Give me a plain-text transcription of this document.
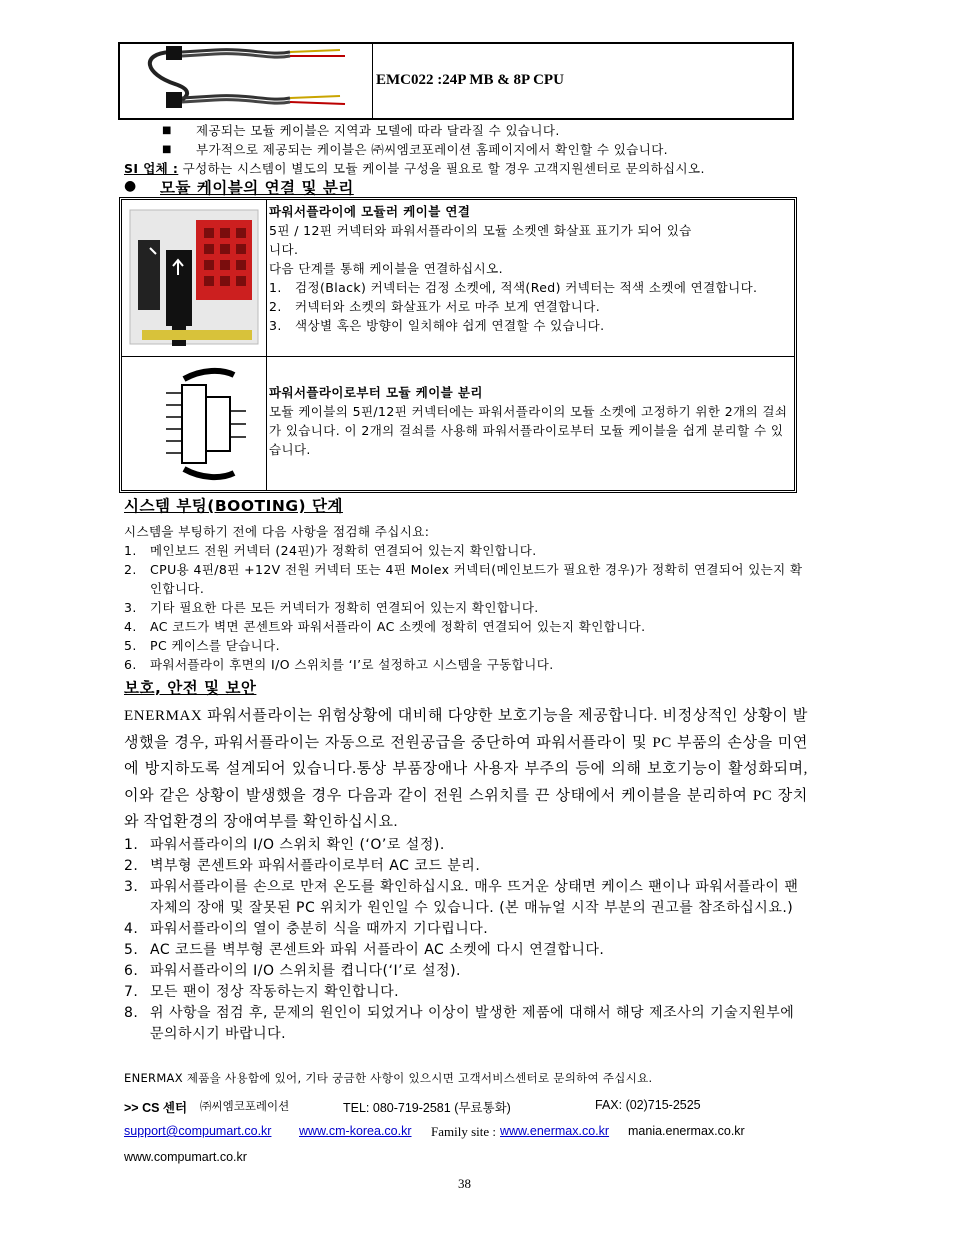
EMC022 :24P MB & 8P CPU
■ 제공되는 모듈 케이블은 지역과 모델에 따라 달라질 수 있습니다.
■ 부가적으로 제공되는 케이블은 ㈜씨엠코포레이션 홈페이지에서 확인할 수 있습니다.
SI 업체 : 구성하는 시스템이 별도의 모듈 케이블 구성을 필요로 할 경우 고객지원센터로 문의하십시오.
● 모듈 케이블의 연결 및 분리
파워서플라이에 모듈러 케이블 연결
5핀 / 12핀 커넥터와 파워서플라이의 모듈 소켓엔 화살표 표기가 되어 있습
니다.
다음 단계를 통해 케이블을 연결하십시오.
1. 검정(Black) 커넥터는 검정 소켓에, 적색(Red) 커넥터는 적색 소켓에 연결합니다.
2. 커넥터와 소켓의 화살표가 서로 마주 보게 연결합니다.
3. 색상별 혹은 방향이 일치해야 쉽게 연결할 수 있습니다.
파워서플라이로부터 모듈 케이블 분리
모듈 케이블의 5핀/12핀 커넥터에는 파워서플라이의 모듈 소켓에 고정하기 위한 2개의 걸쇠가 있습니다. 이 2개의 걸쇠를 사용해 파워서플라이로부터 모듈 케이블을 쉽게 분리할 수 있습니다.
시스템 부팅(BOOTING) 단계
시스템을 부팅하기 전에 다음 사항을 점검해 주십시요:
1. 메인보드 전원 커넥터 (24핀)가 정확히 연결되어 있는지 확인합니다.
2. CPU용 4핀/8핀 +12V 전원 커넥터 또는 4핀 Molex 커넥터(메인보드가 필요한 경우)가 정확히 연결되어 있는지 확인합니다.
3. 기타 필요한 다른 모든 커넥터가 정확히 연결되어 있는지 확인합니다.
4. AC 코드가 벽면 콘센트와 파워서플라이 AC 소켓에 정확히 연결되어 있는지 확인합니다.
5. PC 케이스를 닫습니다.
6. 파워서플라이 후면의 I/O 스위치를 ‘I’로 설정하고 시스템을 구동합니다.
보호, 안전 및 보안
ENERMAX 파워서플라이는 위험상황에 대비해 다양한 보호기능을 제공합니다. 비정상적인 상황이 발생했을 경우, 파워서플라이는 자동으로 전원공급을 중단하여 파워서플라이 및 PC 부품의 손상을 미연에 방지하도록 설계되어 있습니다.통상 부품장애나 사용자 부주의 등에 의해 보호기능이 활성화되며, 이와 같은 상황이 발생했을 경우 다음과 같이 전원 스위치를 끈 상태에서 케이블을 분리하여 PC 장치와 작업환경의 장애여부를 확인하십시요.
1. 파워서플라이의 I/O 스위치 확인 (‘O’로 설정).
2. 벽부형 콘센트와 파워서플라이로부터 AC 코드 분리.
3. 파워서플라이를 손으로 만져 온도를 확인하십시요. 매우 뜨거운 상태면 케이스 팬이나 파워서플라이 팬 자체의 장애 및 잘못된 PC 위치가 원인일 수 있습니다. (본 매뉴얼 시작 부분의 권고를 참조하십시요.)
4. 파워서플라이의 열이 충분히 식을 때까지 기다립니다.
5. AC 코드를 벽부형 콘센트와 파워 서플라이 AC 소켓에 다시 연결합니다.
6. 파워서플라이의 I/O 스위치를 켭니다(‘I’로 설정).
7. 모든 팬이 정상 작동하는지 확인합니다.
8. 위 사항을 점검 후, 문제의 원인이 되었거나 이상이 발생한 제품에 대해서 해당 제조사의 기술지원부에 문의하시기 바랍니다.
ENERMAX 제품을 사용함에 있어, 기타 궁금한 사항이 있으시면 고객서비스센터로 문의하여 주십시요.
>> CS 센터 ㈜씨엠코포레이션	TEL: 080-719-2581 (무료통화)	FAX: (02)715-2525
support@compumart.co.kr www.cm-korea.co.kr Family site : www.enermax.co.kr mania.enermax.co.kr
www.compumart.co.kr
38
